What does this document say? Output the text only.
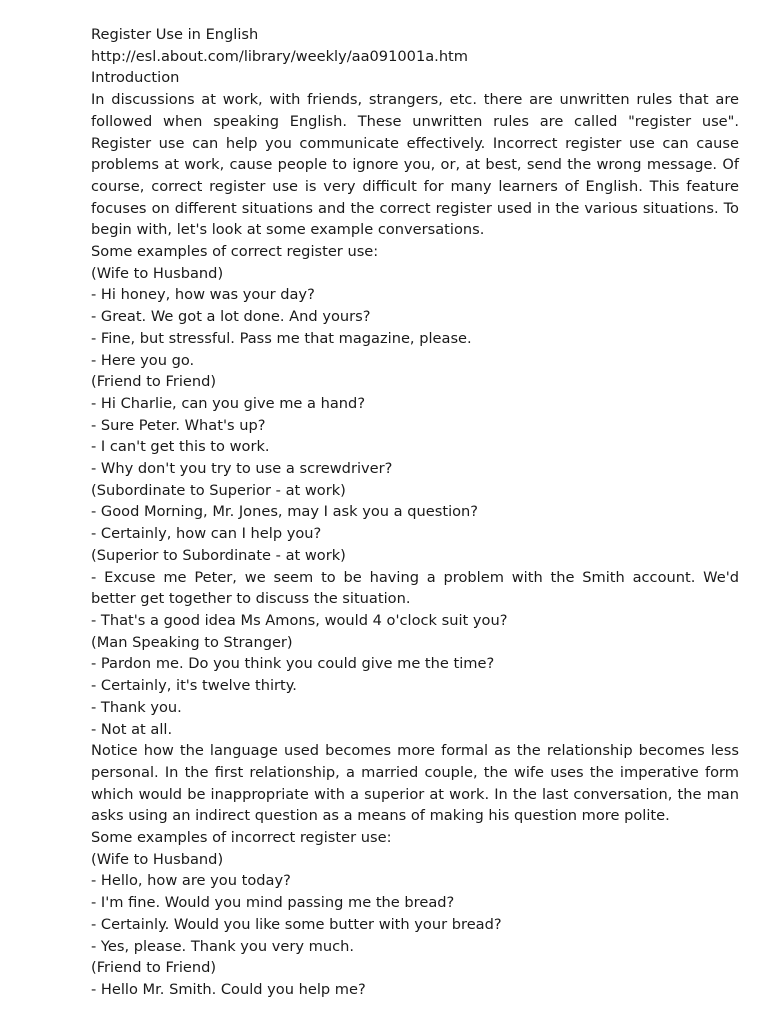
Register Use in English

http://esl.about.com/library/weekly/aa091001a.htm

Introduction

In discussions at work, with friends, strangers, etc. there are unwritten rules that are followed when speaking English. These unwritten rules are called "register use". Register use can help you communicate effectively. Incorrect register use can cause problems at work, cause people to ignore you, or, at best, send the wrong message. Of course, correct register use is very difficult for many learners of English. This feature focuses on different situations and the correct register used in the various situations. To begin with, let's look at some example conversations.

Some examples of correct register use:

(Wife to Husband)

- Hi honey, how was your day?

- Great. We got a lot done. And yours?

- Fine, but stressful. Pass me that magazine, please.

- Here you go.

(Friend to Friend)

- Hi Charlie, can you give me a hand?

- Sure Peter. What's up?

- I can't get this to work.

- Why don't you try to use a screwdriver?

(Subordinate to Superior - at work)

- Good Morning, Mr. Jones, may I ask you a question?

- Certainly, how can I help you?

(Superior to Subordinate - at work)

- Excuse me Peter, we seem to be having a problem with the Smith account. We'd better get together to discuss the situation.

- That's a good idea Ms Amons, would 4 o'clock suit you?

(Man Speaking to Stranger)

- Pardon me. Do you think you could give me the time?

- Certainly, it's twelve thirty.

- Thank you.

- Not at all.

Notice how the language used becomes more formal as the relationship becomes less personal. In the first relationship, a married couple, the wife uses the imperative form which would be inappropriate with a superior at work. In the last conversation, the man asks using an indirect question as a means of making his question more polite.

Some examples of incorrect register use:

(Wife to Husband)

- Hello, how are you today?

- I'm fine. Would you mind passing me the bread?

- Certainly. Would you like some butter with your bread?

- Yes, please. Thank you very much.

(Friend to Friend)

- Hello Mr. Smith. Could you help me?
